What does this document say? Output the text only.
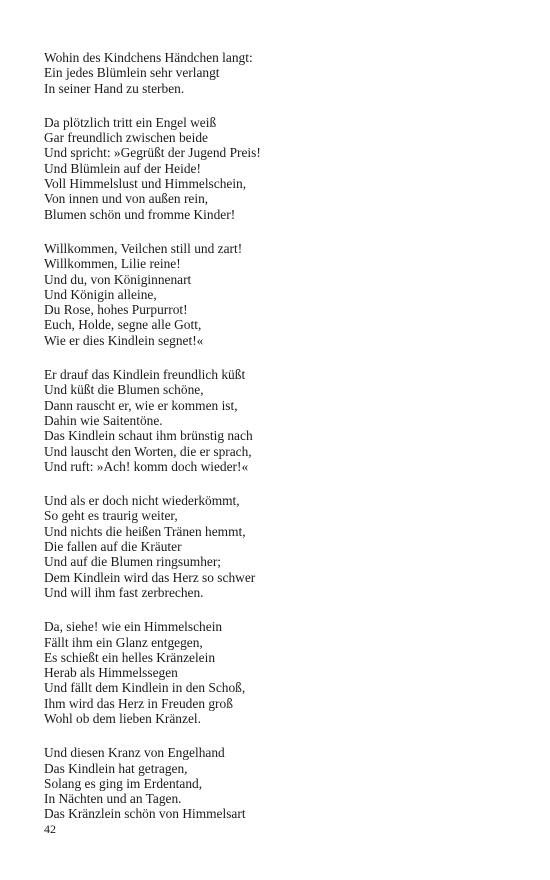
Wohin des Kindchens Händchen langt:
Ein jedes Blümlein sehr verlangt
In seiner Hand zu sterben.
Da plötzlich tritt ein Engel weiß
Gar freundlich zwischen beide
Und spricht: »Gegrüßt der Jugend Preis!
Und Blümlein auf der Heide!
Voll Himmelslust und Himmelschein,
Von innen und von außen rein,
Blumen schön und fromme Kinder!
Willkommen, Veilchen still und zart!
Willkommen, Lilie reine!
Und du, von Königinnenart
Und Königin alleine,
Du Rose, hohes Purpurrot!
Euch, Holde, segne alle Gott,
Wie er dies Kindlein segnet!«
Er drauf das Kindlein freundlich küßt
Und küßt die Blumen schöne,
Dann rauscht er, wie er kommen ist,
Dahin wie Saitentöne.
Das Kindlein schaut ihm brünstig nach
Und lauscht den Worten, die er sprach,
Und ruft: »Ach! komm doch wieder!«
Und als er doch nicht wiederkömmt,
So geht es traurig weiter,
Und nichts die heißen Tränen hemmt,
Die fallen auf die Kräuter
Und auf die Blumen ringsumher;
Dem Kindlein wird das Herz so schwer
Und will ihm fast zerbrechen.
Da, siehe! wie ein Himmelschein
Fällt ihm ein Glanz entgegen,
Es schießt ein helles Kränzelein
Herab als Himmelssegen
Und fällt dem Kindlein in den Schoß,
Ihm wird das Herz in Freuden groß
Wohl ob dem lieben Kränzel.
Und diesen Kranz von Engelhand
Das Kindlein hat getragen,
Solang es ging im Erdentand,
In Nächten und an Tagen.
Das Kränzlein schön von Himmelsart
42
